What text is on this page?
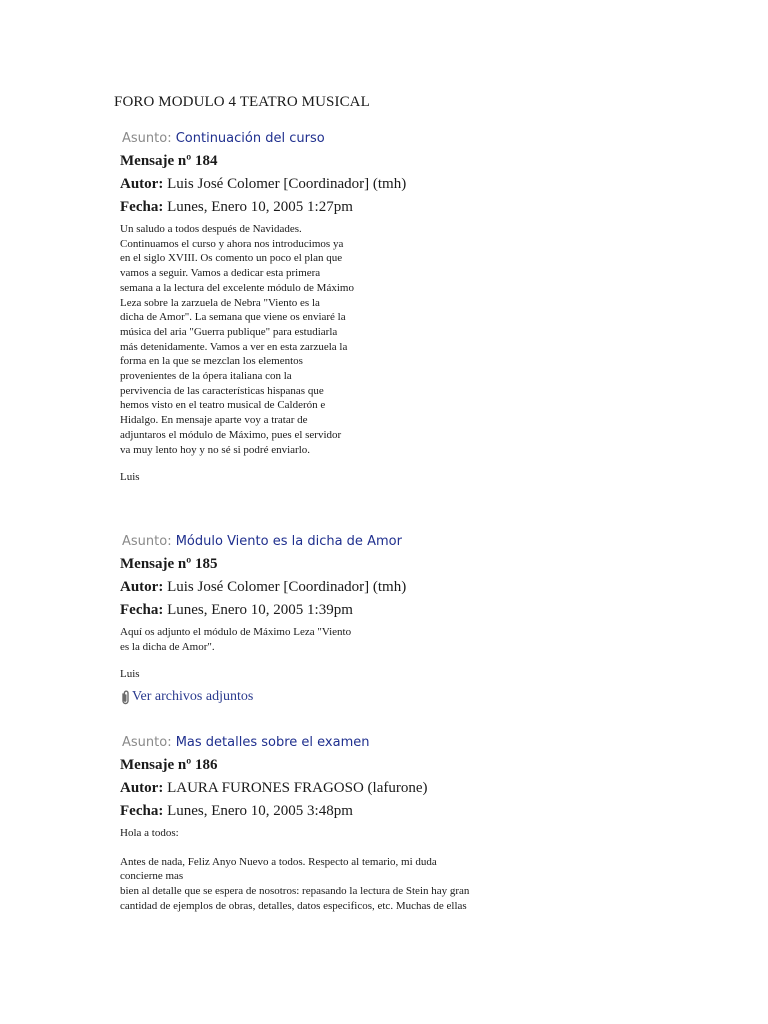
FORO MODULO 4 TEATRO MUSICAL
Asunto: Continuación del curso
Mensaje nº 184
Autor: Luis José Colomer [Coordinador] (tmh)
Fecha: Lunes, Enero 10, 2005 1:27pm
Un saludo a todos después de Navidades.
Continuamos el curso y ahora nos introducimos ya
en el siglo XVIII. Os comento un poco el plan que
vamos a seguir. Vamos a dedicar esta primera
semana a la lectura del excelente módulo de Máximo
Leza sobre la zarzuela de Nebra "Viento es la
dicha de Amor". La semana que viene os enviaré la
música del aria "Guerra publique" para estudiarla
más detenidamente. Vamos a ver en esta zarzuela la
forma en la que se mezclan los elementos
provenientes de la ópera italiana con la
pervivencia de las características hispanas que
hemos visto en el teatro musical de Calderón e
Hidalgo. En mensaje aparte voy a tratar de
adjuntaros el módulo de Máximo, pues el servidor
va muy lento hoy y no sé si podré enviarlo.
Luis
Asunto: Módulo Viento es la dicha de Amor
Mensaje nº 185
Autor: Luis José Colomer [Coordinador] (tmh)
Fecha: Lunes, Enero 10, 2005 1:39pm
Aquí os adjunto el módulo de Máximo Leza "Viento
es la dicha de Amor".
Luis
Ver archivos adjuntos
Asunto: Mas detalles sobre el examen
Mensaje nº 186
Autor: LAURA FURONES FRAGOSO (lafurone)
Fecha: Lunes, Enero 10, 2005 3:48pm
Hola a todos:
Antes de nada, Feliz Anyo Nuevo a todos. Respecto al temario, mi duda
concierne mas
bien al detalle que se espera de nosotros: repasando la lectura de Stein hay gran
cantidad de ejemplos de obras, detalles, datos especificos, etc. Muchas de ellas
